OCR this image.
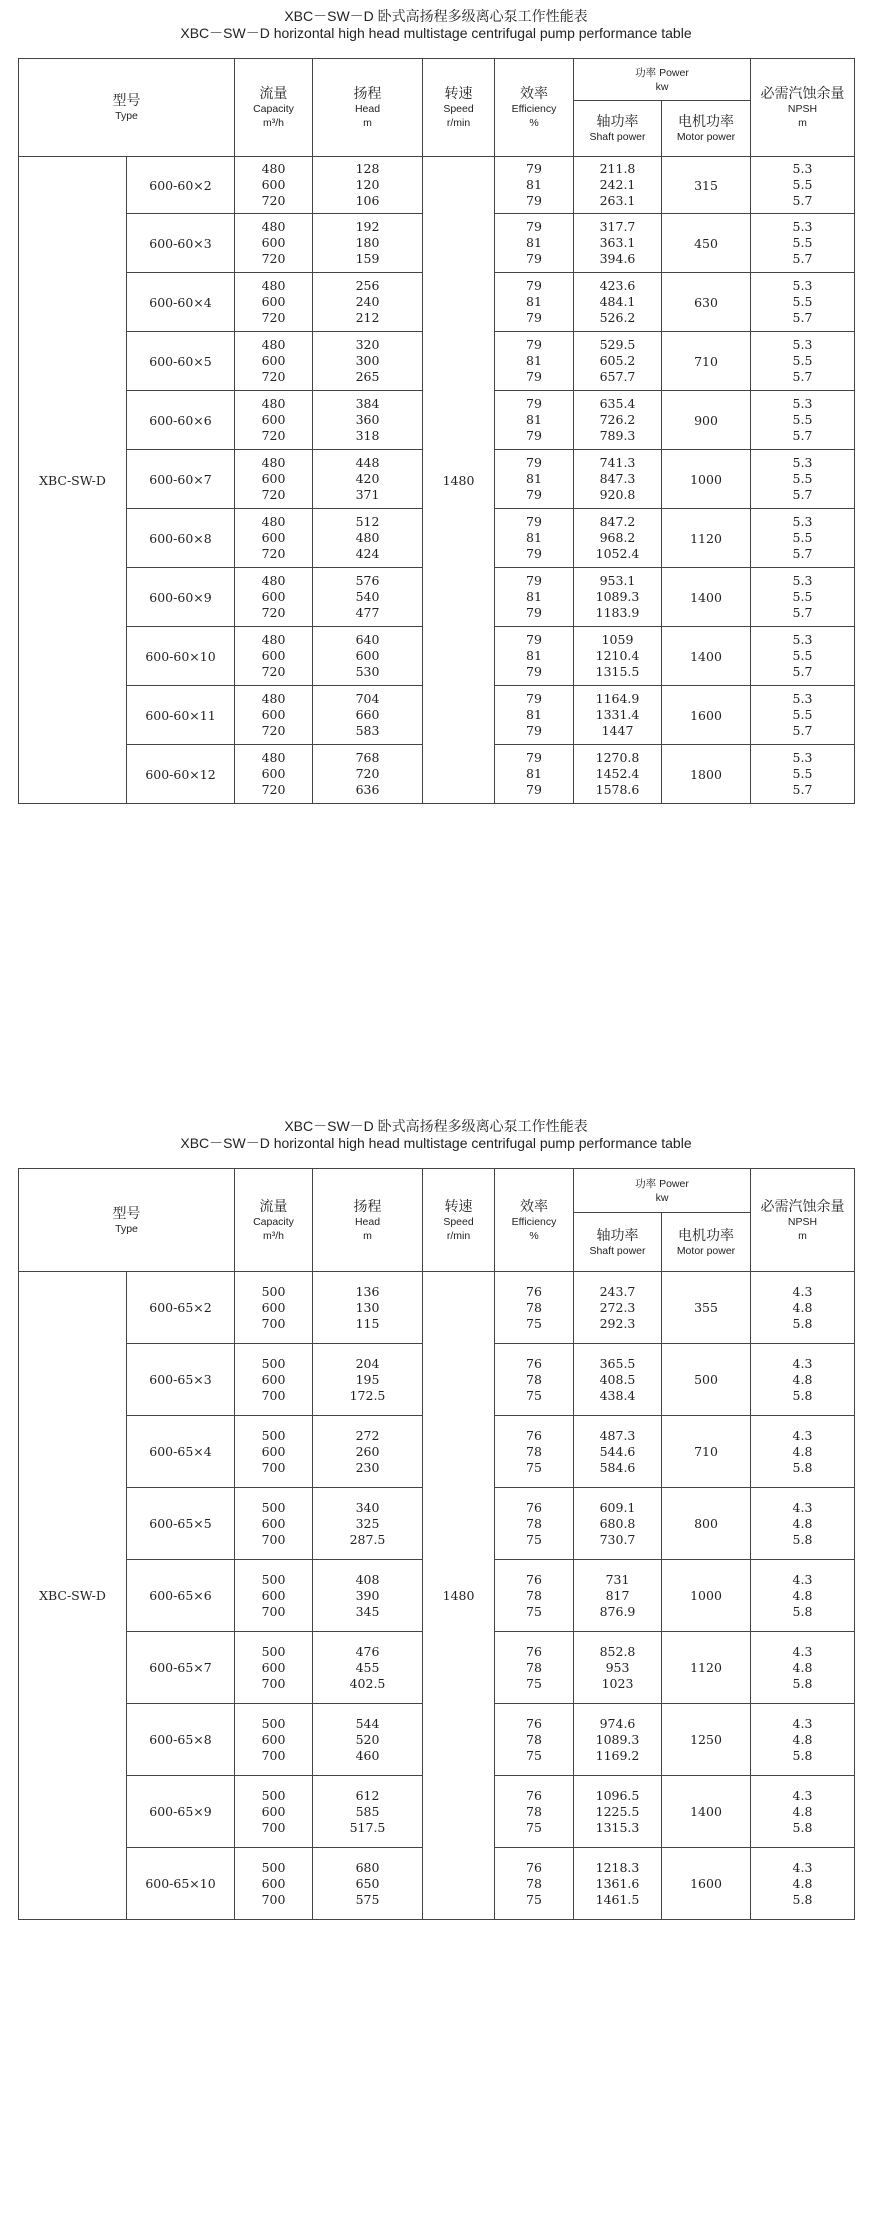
XBC－SW－D 卧式高扬程多级离心泵工作性能表
XBC－SW－D horizontal high head multistage centrifugal pump performance table
型号
Type		流量
Capacity
m³/h	扬程
Head
m	转速
Speed
r/min	效率
Efficiency
%	功率 Power
kw		必需汽蚀余量
NPSH
m

						轴功率
Shaft power	电机功率
Motor power	

XBC-SW-D	600-60×2	480
600
720	128
120
106	1480	79
81
79	211.8
242.1
263.1	315	5.3
5.5
5.7

	600-60×3	480
600
720	192
180
159		79
81
79	317.7
363.1
394.6	450	5.3
5.5
5.7

	600-60×4	480
600
720	256
240
212		79
81
79	423.6
484.1
526.2	630	5.3
5.5
5.7

	600-60×5	480
600
720	320
300
265		79
81
79	529.5
605.2
657.7	710	5.3
5.5
5.7

	600-60×6	480
600
720	384
360
318		79
81
79	635.4
726.2
789.3	900	5.3
5.5
5.7

	600-60×7	480
600
720	448
420
371		79
81
79	741.3
847.3
920.8	1000	5.3
5.5
5.7

	600-60×8	480
600
720	512
480
424		79
81
79	847.2
968.2
1052.4	1120	5.3
5.5
5.7

	600-60×9	480
600
720	576
540
477		79
81
79	953.1
1089.3
1183.9	1400	5.3
5.5
5.7

	600-60×10	480
600
720	640
600
530		79
81
79	1059
1210.4
1315.5	1400	5.3
5.5
5.7

	600-60×11	480
600
720	704
660
583		79
81
79	1164.9
1331.4
1447	1600	5.3
5.5
5.7

	600-60×12	480
600
720	768
720
636		79
81
79	1270.8
1452.4
1578.6	1800	5.3
5.5
5.7
XBC－SW－D 卧式高扬程多级离心泵工作性能表
XBC－SW－D horizontal high head multistage centrifugal pump performance table
型号
Type		流量
Capacity
m³/h	扬程
Head
m	转速
Speed
r/min	效率
Efficiency
%	功率 Power
kw		必需汽蚀余量
NPSH
m

						轴功率
Shaft power	电机功率
Motor power	

XBC-SW-D	600-65×2	500
600
700	136
130
115	1480	76
78
75	243.7
272.3
292.3	355	4.3
4.8
5.8

	600-65×3	500
600
700	204
195
172.5		76
78
75	365.5
408.5
438.4	500	4.3
4.8
5.8

	600-65×4	500
600
700	272
260
230		76
78
75	487.3
544.6
584.6	710	4.3
4.8
5.8

	600-65×5	500
600
700	340
325
287.5		76
78
75	609.1
680.8
730.7	800	4.3
4.8
5.8

	600-65×6	500
600
700	408
390
345		76
78
75	731
817
876.9	1000	4.3
4.8
5.8

	600-65×7	500
600
700	476
455
402.5		76
78
75	852.8
953
1023	1120	4.3
4.8
5.8

	600-65×8	500
600
700	544
520
460		76
78
75	974.6
1089.3
1169.2	1250	4.3
4.8
5.8

	600-65×9	500
600
700	612
585
517.5		76
78
75	1096.5
1225.5
1315.3	1400	4.3
4.8
5.8

	600-65×10	500
600
700	680
650
575		76
78
75	1218.3
1361.6
1461.5	1600	4.3
4.8
5.8
